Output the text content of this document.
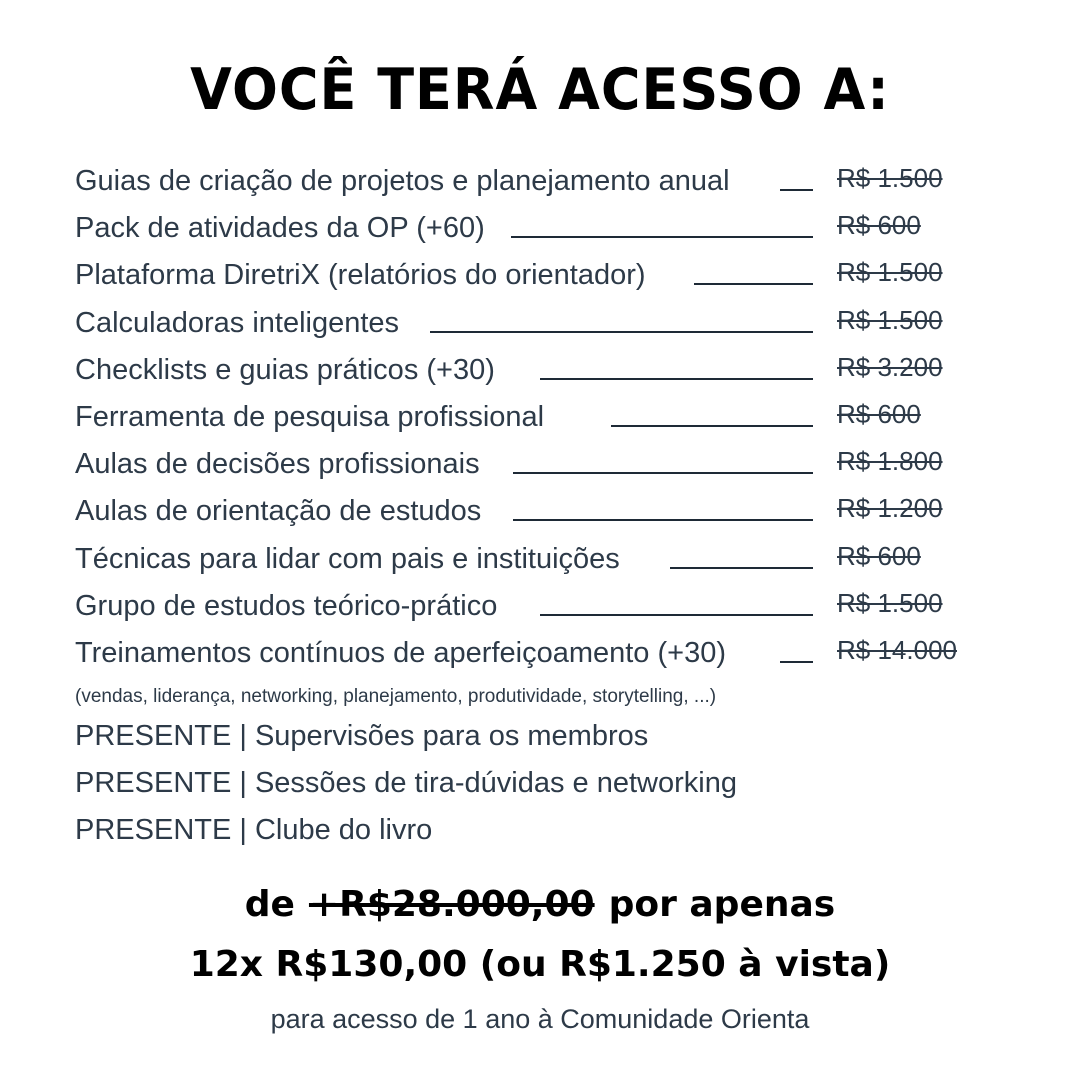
VOCÊ TERÁ ACESSO A:
Guias de criação de projetos e planejamento anual	R$ 1.500
Pack de atividades da OP (+60)	R$ 600
Plataforma DiretriX (relatórios do orientador)	R$ 1.500
Calculadoras inteligentes	R$ 1.500
Checklists e guias práticos (+30)	R$ 3.200
Ferramenta de pesquisa profissional	R$ 600
Aulas de decisões profissionais	R$ 1.800
Aulas de orientação de estudos	R$ 1.200
Técnicas para lidar com pais e instituições	R$ 600
Grupo de estudos teórico-prático	R$ 1.500
Treinamentos contínuos de aperfeiçoamento (+30)	R$ 14.000
(vendas, liderança, networking, planejamento, produtividade, storytelling, ...)
PRESENTE | Supervisões para os membros
PRESENTE | Sessões de tira-dúvidas e networking
PRESENTE | Clube do livro
de +R$28.000,00 por apenas
12x R$130,00 (ou R$1.250 à vista)
para acesso de 1 ano à Comunidade Orienta
